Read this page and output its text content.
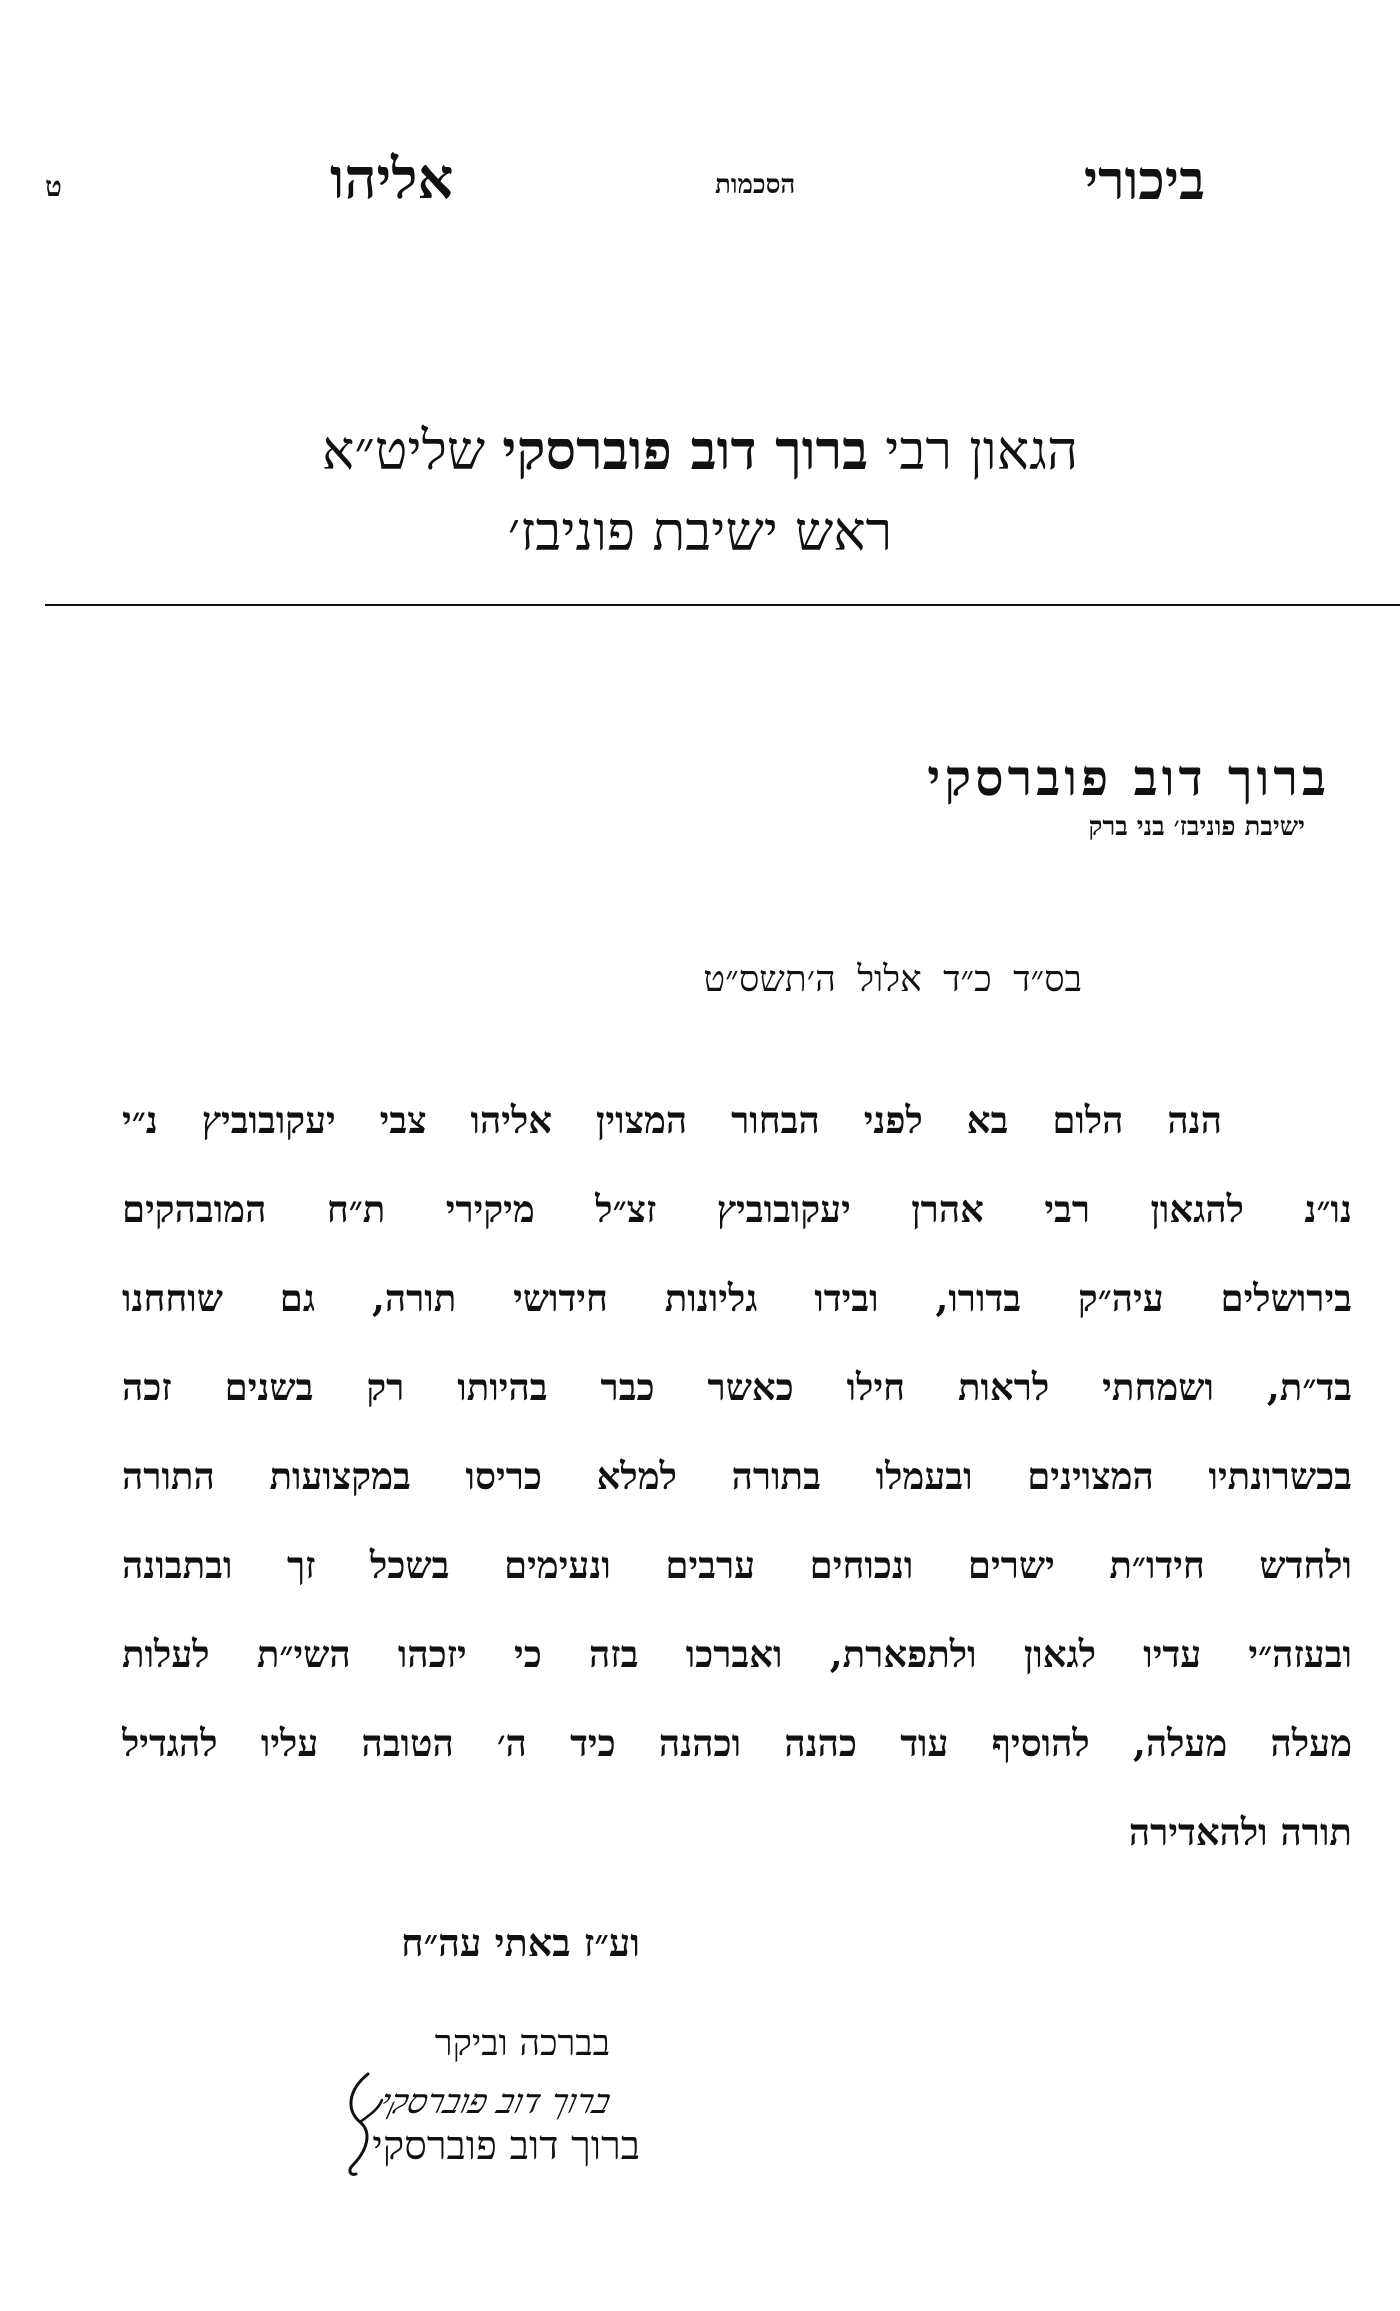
ביכורי
הסכמות
אליהו
ט
הגאון רבי ברוך דוב פוברסקי שליט״א
ראש ישיבת פוניבז׳
ברוך דוב פוברסקי
ישיבת פוניבז׳ בני ברק
בס״ד כ״ד אלול ה׳תשס״ט
הנה הלום בא לפני הבחור המצוין אליהו צבי יעקובוביץ נ״י
נו״נ להגאון רבי אהרן יעקובוביץ זצ״ל מיקירי ת״ח המובהקים
בירושלים עיה״ק בדורו, ובידו גליונות חידושי תורה, גם שוחחנו
בד״ת, ושמחתי לראות חילו כאשר כבר בהיותו רק בשנים זכה
בכשרונתיו המצוינים ובעמלו בתורה למלא כריסו במקצועות התורה
ולחדש חידו״ת ישרים ונכוחים ערבים ונעימים בשכל זך ובתבונה
ובעזה״י עדיו לגאון ולתפארת, ואברכו בזה כי יזכהו השי״ת לעלות
מעלה מעלה, להוסיף עוד כהנה וכהנה כיד ה׳ הטובה עליו להגדיל
תורה ולהאדירה
וע״ז באתי עה״ח
בברכה וביקר
ברוך דוב פוברסקי
ברוך דוב פוברסקי
